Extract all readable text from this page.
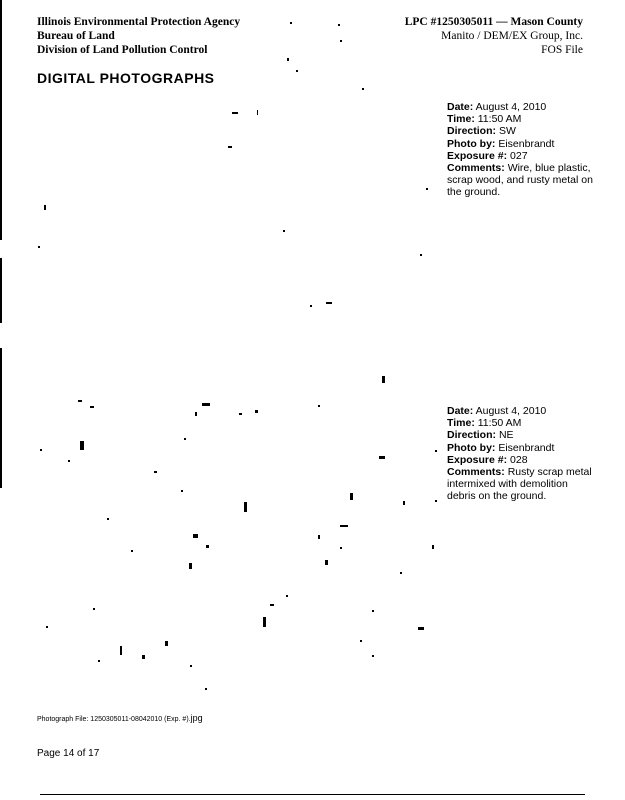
Illinois Environmental Protection Agency
Bureau of Land
Division of Land Pollution Control
LPC #1250305011 — Mason County
Manito / DEM/EX Group, Inc.
FOS File
DIGITAL PHOTOGRAPHS
Date: August 4, 2010
Time: 11:50 AM
Direction: SW
Photo by: Eisenbrandt
Exposure #: 027
Comments: Wire, blue plastic, scrap wood, and rusty metal on the ground.
Date: August 4, 2010
Time: 11:50 AM
Direction: NE
Photo by: Eisenbrandt
Exposure #: 028
Comments: Rusty scrap metal intermixed with demolition debris on the ground.
Photograph File: 1250305011-08042010 (Exp. #).jpg
Page 14 of 17
